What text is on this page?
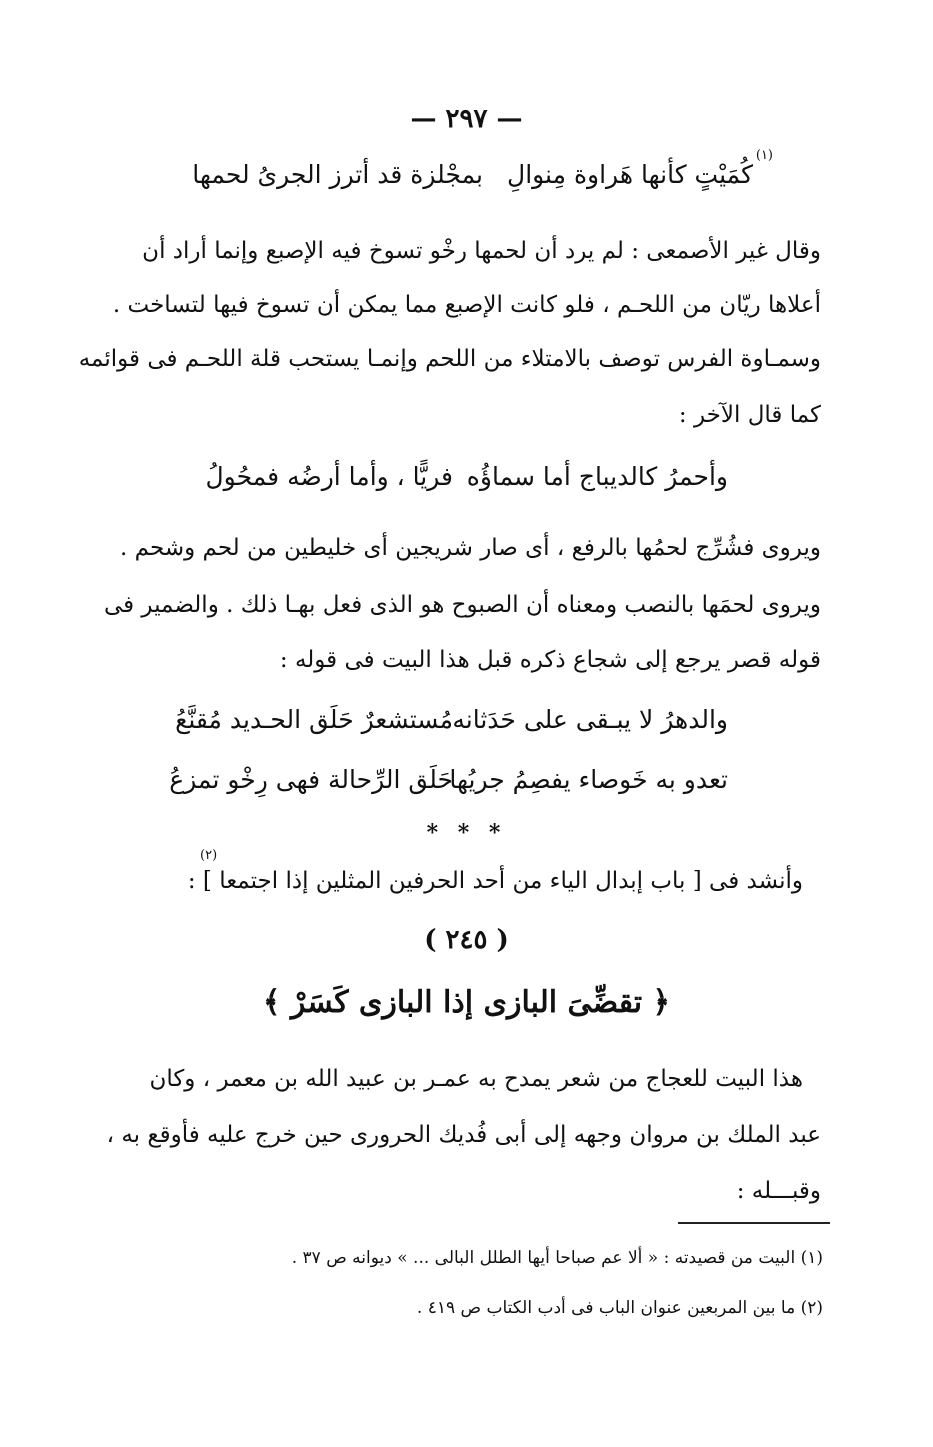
— ٢٩٧ —
كُمَيْتٍ كأنها هَراوة مِنوالِ
بمجْلزة قد أترز الجرىُ لحمها
(١)
وقال غير الأصمعى : لم يرد أن لحمها رخْو تسوخ فيه الإصبع وإنما أراد أن
أعلاها ريّان من اللحـم ، فلو كانت الإصبع مما يمكن أن تسوخ فيها لتساخت .
وسمـاوة الفرس توصف بالامتلاء من اللحم وإنمـا يستحب قلة اللحـم فى قوائمه
كما قال الآخر :
وأحمرُ كالديباج أما سماؤُه
فريًّا ، وأما أرضُه فمحُولُ
ويروى فشُرِّج لحمُها بالرفع ، أى صار شريجين أى خليطين من لحم وشحم .
ويروى لحمَها بالنصب ومعناه أن الصبوح هو الذى فعل بهـا ذلك . والضمير فى
قوله قصر يرجع إلى شجاع ذكره قبل هذا البيت فى قوله :
والدهرُ لا يبـقى على حَدَثانه
مُستشعرٌ حَلَق الحـديد مُقنَّعُ
تعدو به خَوصاء يفصِمُ جريُها
حَلَق الرِّحالة فهى رِخْو تمزعُ
* * *
وأنشد فى [ باب إبدال الياء من أحد الحرفين المثلين إذا اجتمعا ] :
(٢)
( ٢٤٥ )
﴿ تقضِّىَ البازى إذا البازى كَسَرْ ﴾
هذا البيت للعجاج من شعر يمدح به عمـر بن عبيد الله بن معمر ، وكان
عبد الملك بن مروان وجهه إلى أبى فُديك الحرورى حين خرج عليه فأوقع به ،
وقبـــله :
(١) البيت من قصيدته : « ألا عم صباحا أيها الطلل البالى ... » ديوانه ص ٣٧ .
(٢) ما بين المربعين عنوان الباب فى أدب الكتاب ص ٤١٩ .
